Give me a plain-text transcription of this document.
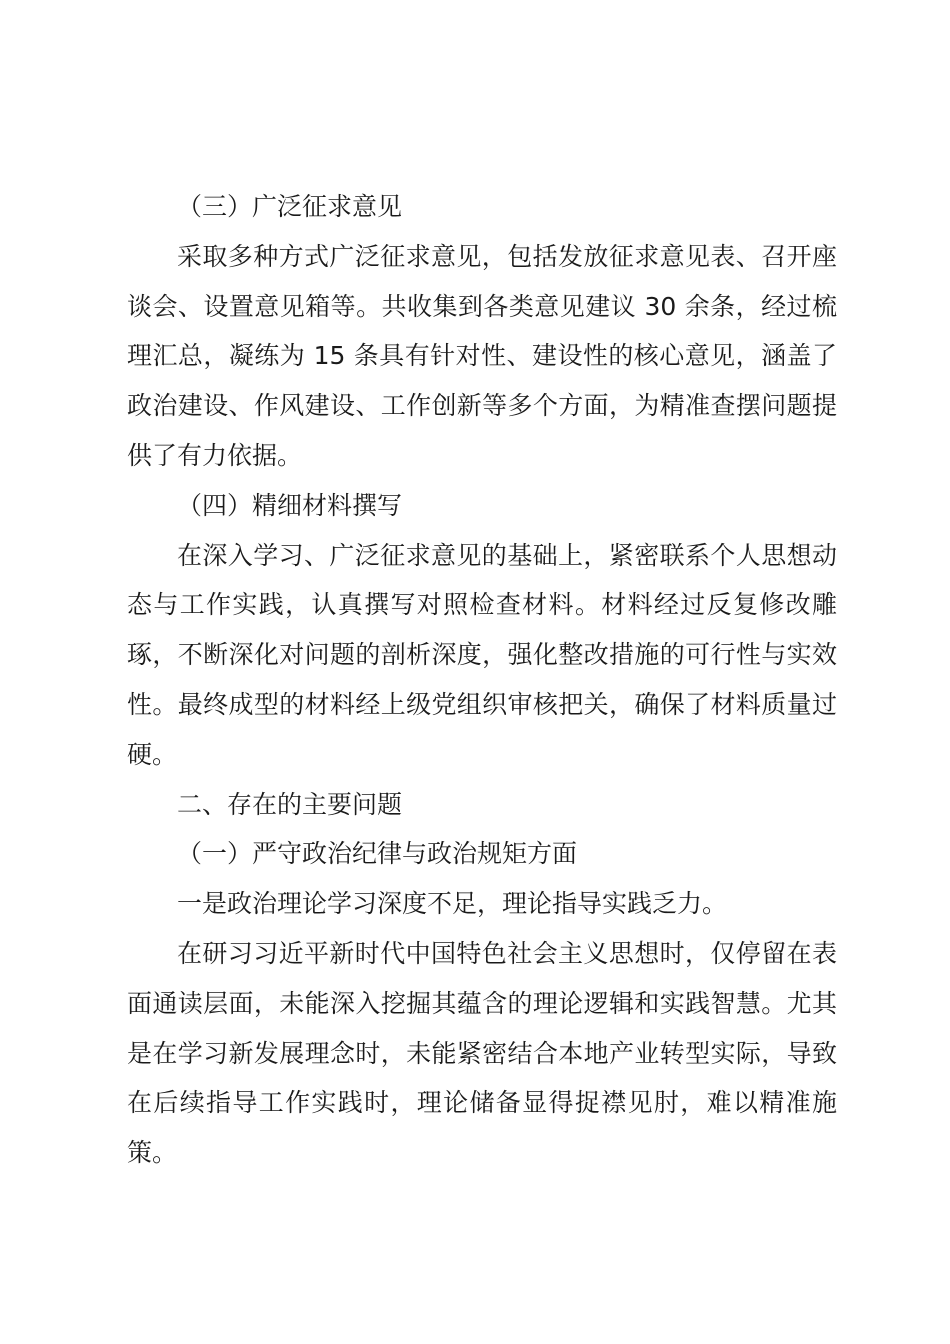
（三）广泛征求意见

采取多种方式广泛征求意见，包括发放征求意见表、召开座谈会、设置意见箱等。共收集到各类意见建议 30 余条，经过梳理汇总，凝练为 15 条具有针对性、建设性的核心意见，涵盖了政治建设、作风建设、工作创新等多个方面，为精准查摆问题提供了有力依据。

（四）精细材料撰写

在深入学习、广泛征求意见的基础上，紧密联系个人思想动态与工作实践，认真撰写对照检查材料。材料经过反复修改雕琢，不断深化对问题的剖析深度，强化整改措施的可行性与实效性。最终成型的材料经上级党组织审核把关，确保了材料质量过硬。

二、存在的主要问题

（一）严守政治纪律与政治规矩方面

一是政治理论学习深度不足，理论指导实践乏力。

在研习习近平新时代中国特色社会主义思想时，仅停留在表面通读层面，未能深入挖掘其蕴含的理论逻辑和实践智慧。尤其是在学习新发展理念时，未能紧密结合本地产业转型实际，导致在后续指导工作实践时，理论储备显得捉襟见肘，难以精准施策。
